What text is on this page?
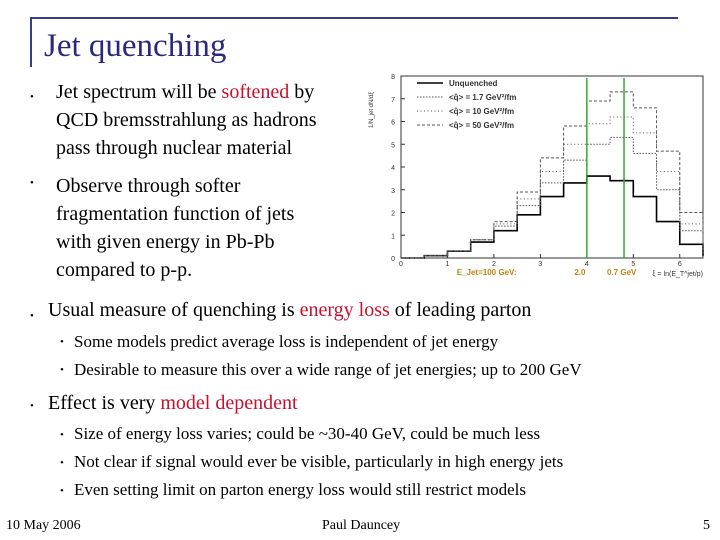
Jet quenching
• Jet spectrum will be softened by
QCD bremsstrahlung as hadrons
pass through nuclear material
• Observe through softer
fragmentation function of jets
with given energy in Pb-Pb
compared to p-p.
• Usual measure of quenching is energy loss of leading parton
• Some models predict average loss is independent of jet energy
• Desirable to measure this over a wide range of jet energies; up to 200 GeV
• Effect is very model dependent
• Size of energy loss varies; could be ~30-40 GeV, could be much less
• Not clear if signal would ever be visible, particularly in high energy jets
• Even setting limit on parton energy loss would still restrict models
10 May 2006	Paul Dauncey	5
0
1
2
3
4
5
6
7
8
0	1	2	3	4	5	6
1/N_jet dN/dξ
ξ = ln(E_T^jet/p)
Unquenched
<q̂> = 1.7 GeV²/fm
<q̂> = 10 GeV²/fm
<q̂> = 50 GeV²/fm
E_Jet=100 GeV:	2.0	0.7 GeV
